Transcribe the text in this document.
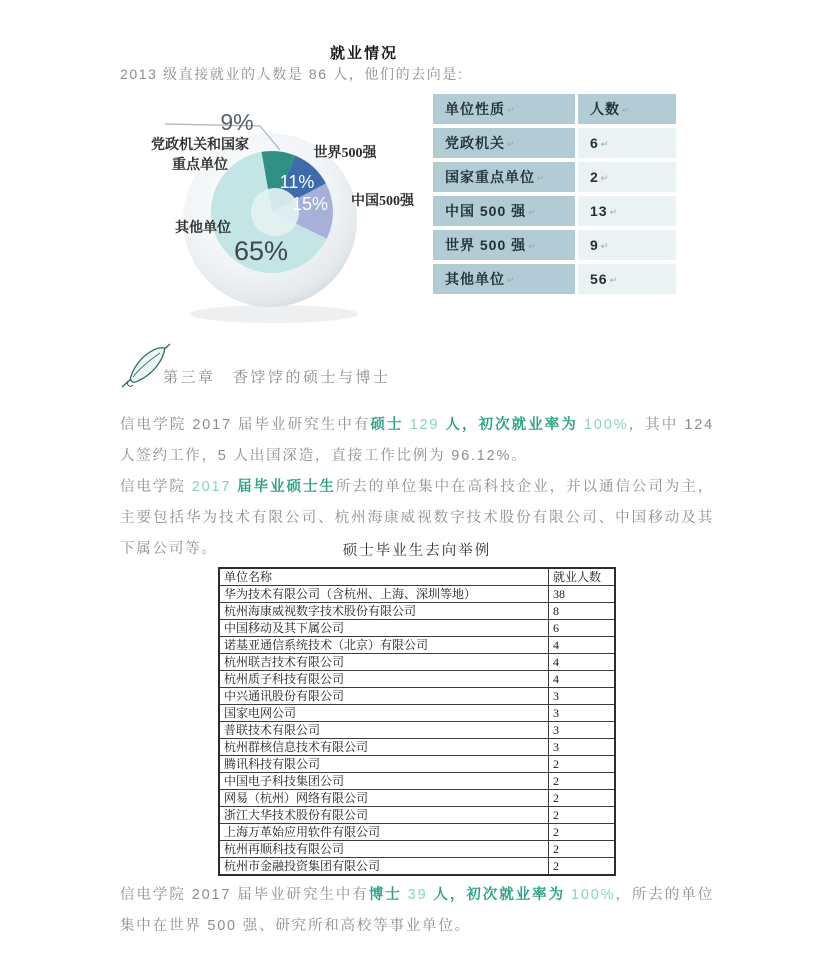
就业情况
2013 级直接就业的人数是 86 人，他们的去向是:
9%
党政机关和国家
重点单位
世界500强
11%
15% 中国500强
其他单位
65%
单位性质 ↵	人数 ↵
党政机关 ↵	6 ↵
国家重点单位 ↵	2 ↵
中国 500 强 ↵	13 ↵
世界 500 强 ↵	9 ↵
其他单位 ↵	56 ↵
第三章　香饽饽的硕士与博士
信电学院 2017 届毕业研究生中有硕士 129 人，初次就业率为 100%，其中 124 人签约工作，5 人出国深造，直接工作比例为 96.12%。
信电学院 2017 届毕业硕士生所去的单位集中在高科技企业，并以通信公司为主，主要包括华为技术有限公司、杭州海康威视数字技术股份有限公司、中国移动及其下属公司等。	硕士毕业生去向举例
单位名称	就业人数
华为技术有限公司（含杭州、上海、深圳等地）	38
杭州海康威视数字技术股份有限公司	8
中国移动及其下属公司	6
诺基亚通信系统技术（北京）有限公司	4
杭州联吉技术有限公司	4
杭州质子科技有限公司	4
中兴通讯股份有限公司	3
国家电网公司	3
普联技术有限公司	3
杭州群核信息技术有限公司	3
腾讯科技有限公司	2
中国电子科技集团公司	2
网易（杭州）网络有限公司	2
浙江大华技术股份有限公司	2
上海万革始应用软件有限公司	2
杭州再顺科技有限公司	2
杭州市金融投资集团有限公司	2
信电学院 2017 届毕业研究生中有博士 39 人，初次就业率为 100%，所去的单位集中在世界 500 强、研究所和高校等事业单位。
